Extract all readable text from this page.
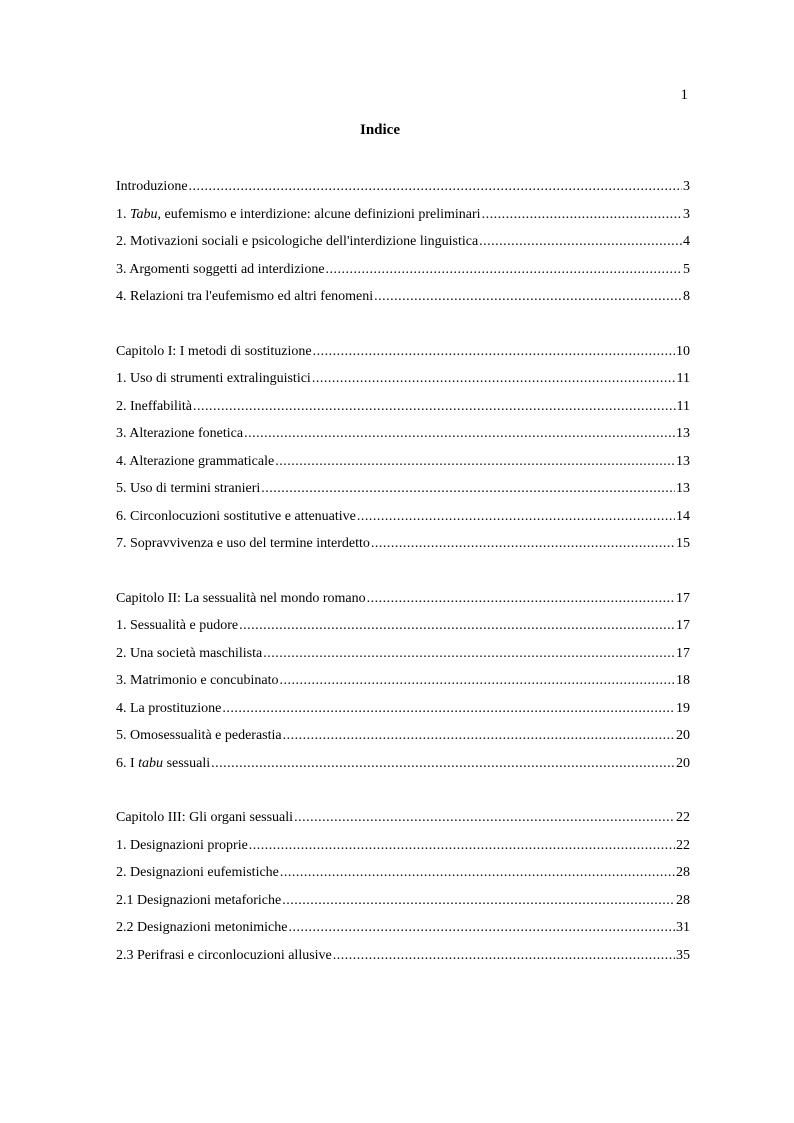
1
Indice
Introduzione .....	3
1. Tabu, eufemismo e interdizione: alcune definizioni preliminari .....	3
2. Motivazioni sociali e psicologiche dell'interdizione linguistica .....	4
3. Argomenti soggetti ad interdizione .....	5
4. Relazioni tra l'eufemismo ed altri fenomeni .....	8
Capitolo I: I metodi di sostituzione .....	10
1. Uso di strumenti extralinguistici .....	11
2. Ineffabilità .....	11
3. Alterazione fonetica .....	13
4. Alterazione grammaticale .....	13
5. Uso di termini stranieri .....	13
6. Circonlocuzioni sostitutive e attenuative .....	14
7. Sopravvivenza e uso del termine interdetto .....	15
Capitolo II: La sessualità nel mondo romano .....	17
1. Sessualità e pudore .....	17
2. Una società maschilista .....	17
3. Matrimonio e concubinato .....	18
4. La prostituzione .....	19
5. Omosessualità e pederastia .....	20
6. I tabu sessuali .....	20
Capitolo III: Gli organi sessuali .....	22
1. Designazioni proprie .....	22
2. Designazioni eufemistiche .....	28
2.1 Designazioni metaforiche .....	28
2.2 Designazioni metonimiche .....	31
2.3 Perifrasi e circonlocuzioni allusive .....	35
